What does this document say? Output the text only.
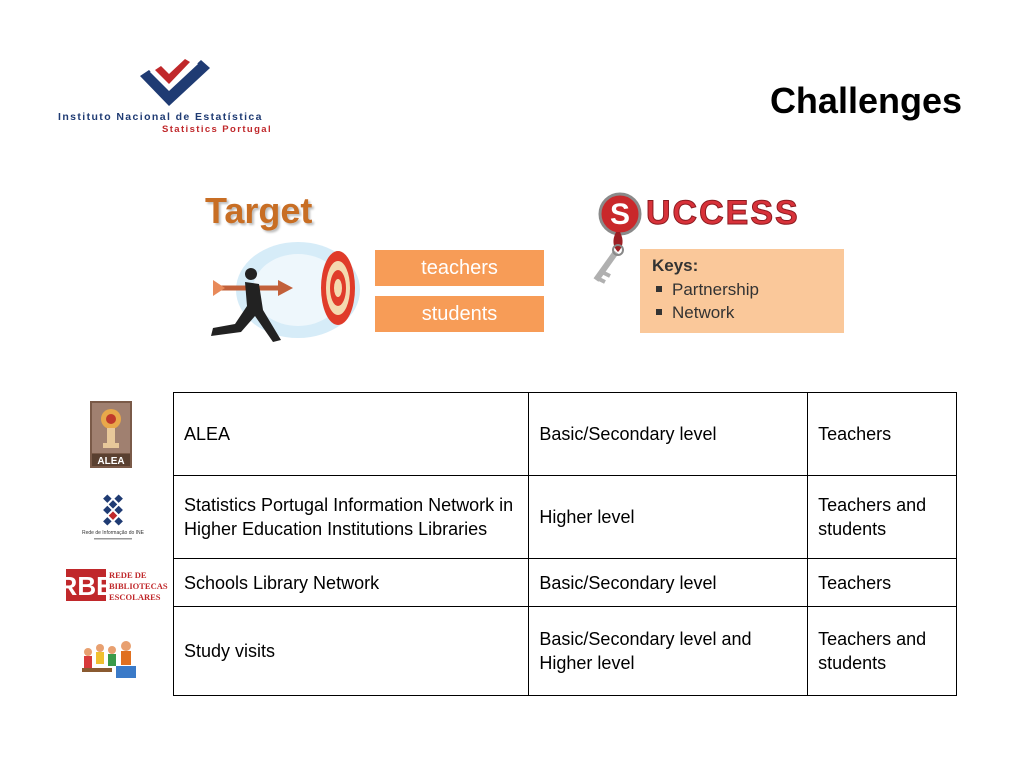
Instituto Nacional de Estatística
Statistics Portugal
Challenges
Target
teachers
students
S UCCESS
Keys:
Partnership
Network
ALEA
Rede de Informação do INE
RBE
REDE DE
BIBLIOTECAS
ESCOLARES
ALEA	Basic/Secondary level	Teachers
Statistics Portugal Information Network in Higher Education Institutions Libraries	Higher level	Teachers and students
Schools Library Network	Basic/Secondary level	Teachers
Study visits	Basic/Secondary level and Higher level	Teachers and students
